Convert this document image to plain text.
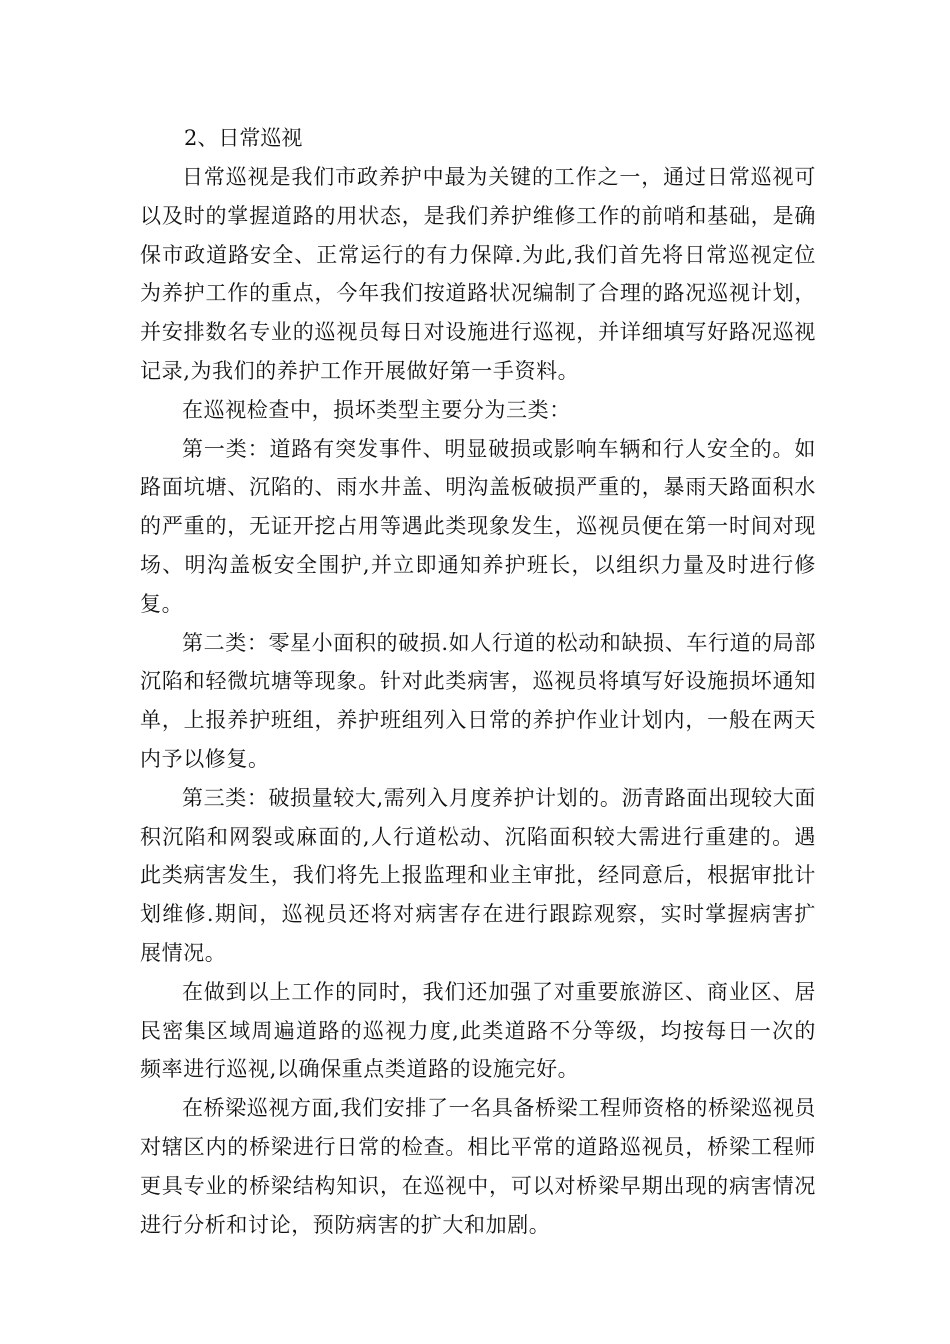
2、日常巡视

日常巡视是我们市政养护中最为关键的工作之一，通过日常巡视可以及时的掌握道路的用状态，是我们养护维修工作的前哨和基础，是确保市政道路安全、正常运行的有力保障.为此,我们首先将日常巡视定位为养护工作的重点，今年我们按道路状况编制了合理的路况巡视计划，并安排数名专业的巡视员每日对设施进行巡视，并详细填写好路况巡视记录,为我们的养护工作开展做好第一手资料。

在巡视检查中，损坏类型主要分为三类：

第一类：道路有突发事件、明显破损或影响车辆和行人安全的。如路面坑塘、沉陷的、雨水井盖、明沟盖板破损严重的，暴雨天路面积水的严重的，无证开挖占用等遇此类现象发生，巡视员便在第一时间对现场、明沟盖板安全围护,并立即通知养护班长，以组织力量及时进行修复。

第二类：零星小面积的破损.如人行道的松动和缺损、车行道的局部沉陷和轻微坑塘等现象。针对此类病害，巡视员将填写好设施损坏通知单，上报养护班组，养护班组列入日常的养护作业计划内，一般在两天内予以修复。

第三类：破损量较大,需列入月度养护计划的。沥青路面出现较大面积沉陷和网裂或麻面的,人行道松动、沉陷面积较大需进行重建的。遇此类病害发生，我们将先上报监理和业主审批，经同意后，根据审批计划维修.期间，巡视员还将对病害存在进行跟踪观察，实时掌握病害扩展情况。

在做到以上工作的同时，我们还加强了对重要旅游区、商业区、居民密集区域周遍道路的巡视力度,此类道路不分等级，均按每日一次的频率进行巡视,以确保重点类道路的设施完好。

在桥梁巡视方面,我们安排了一名具备桥梁工程师资格的桥梁巡视员对辖区内的桥梁进行日常的检查。相比平常的道路巡视员，桥梁工程师更具专业的桥梁结构知识，在巡视中，可以对桥梁早期出现的病害情况进行分析和讨论，预防病害的扩大和加剧。
